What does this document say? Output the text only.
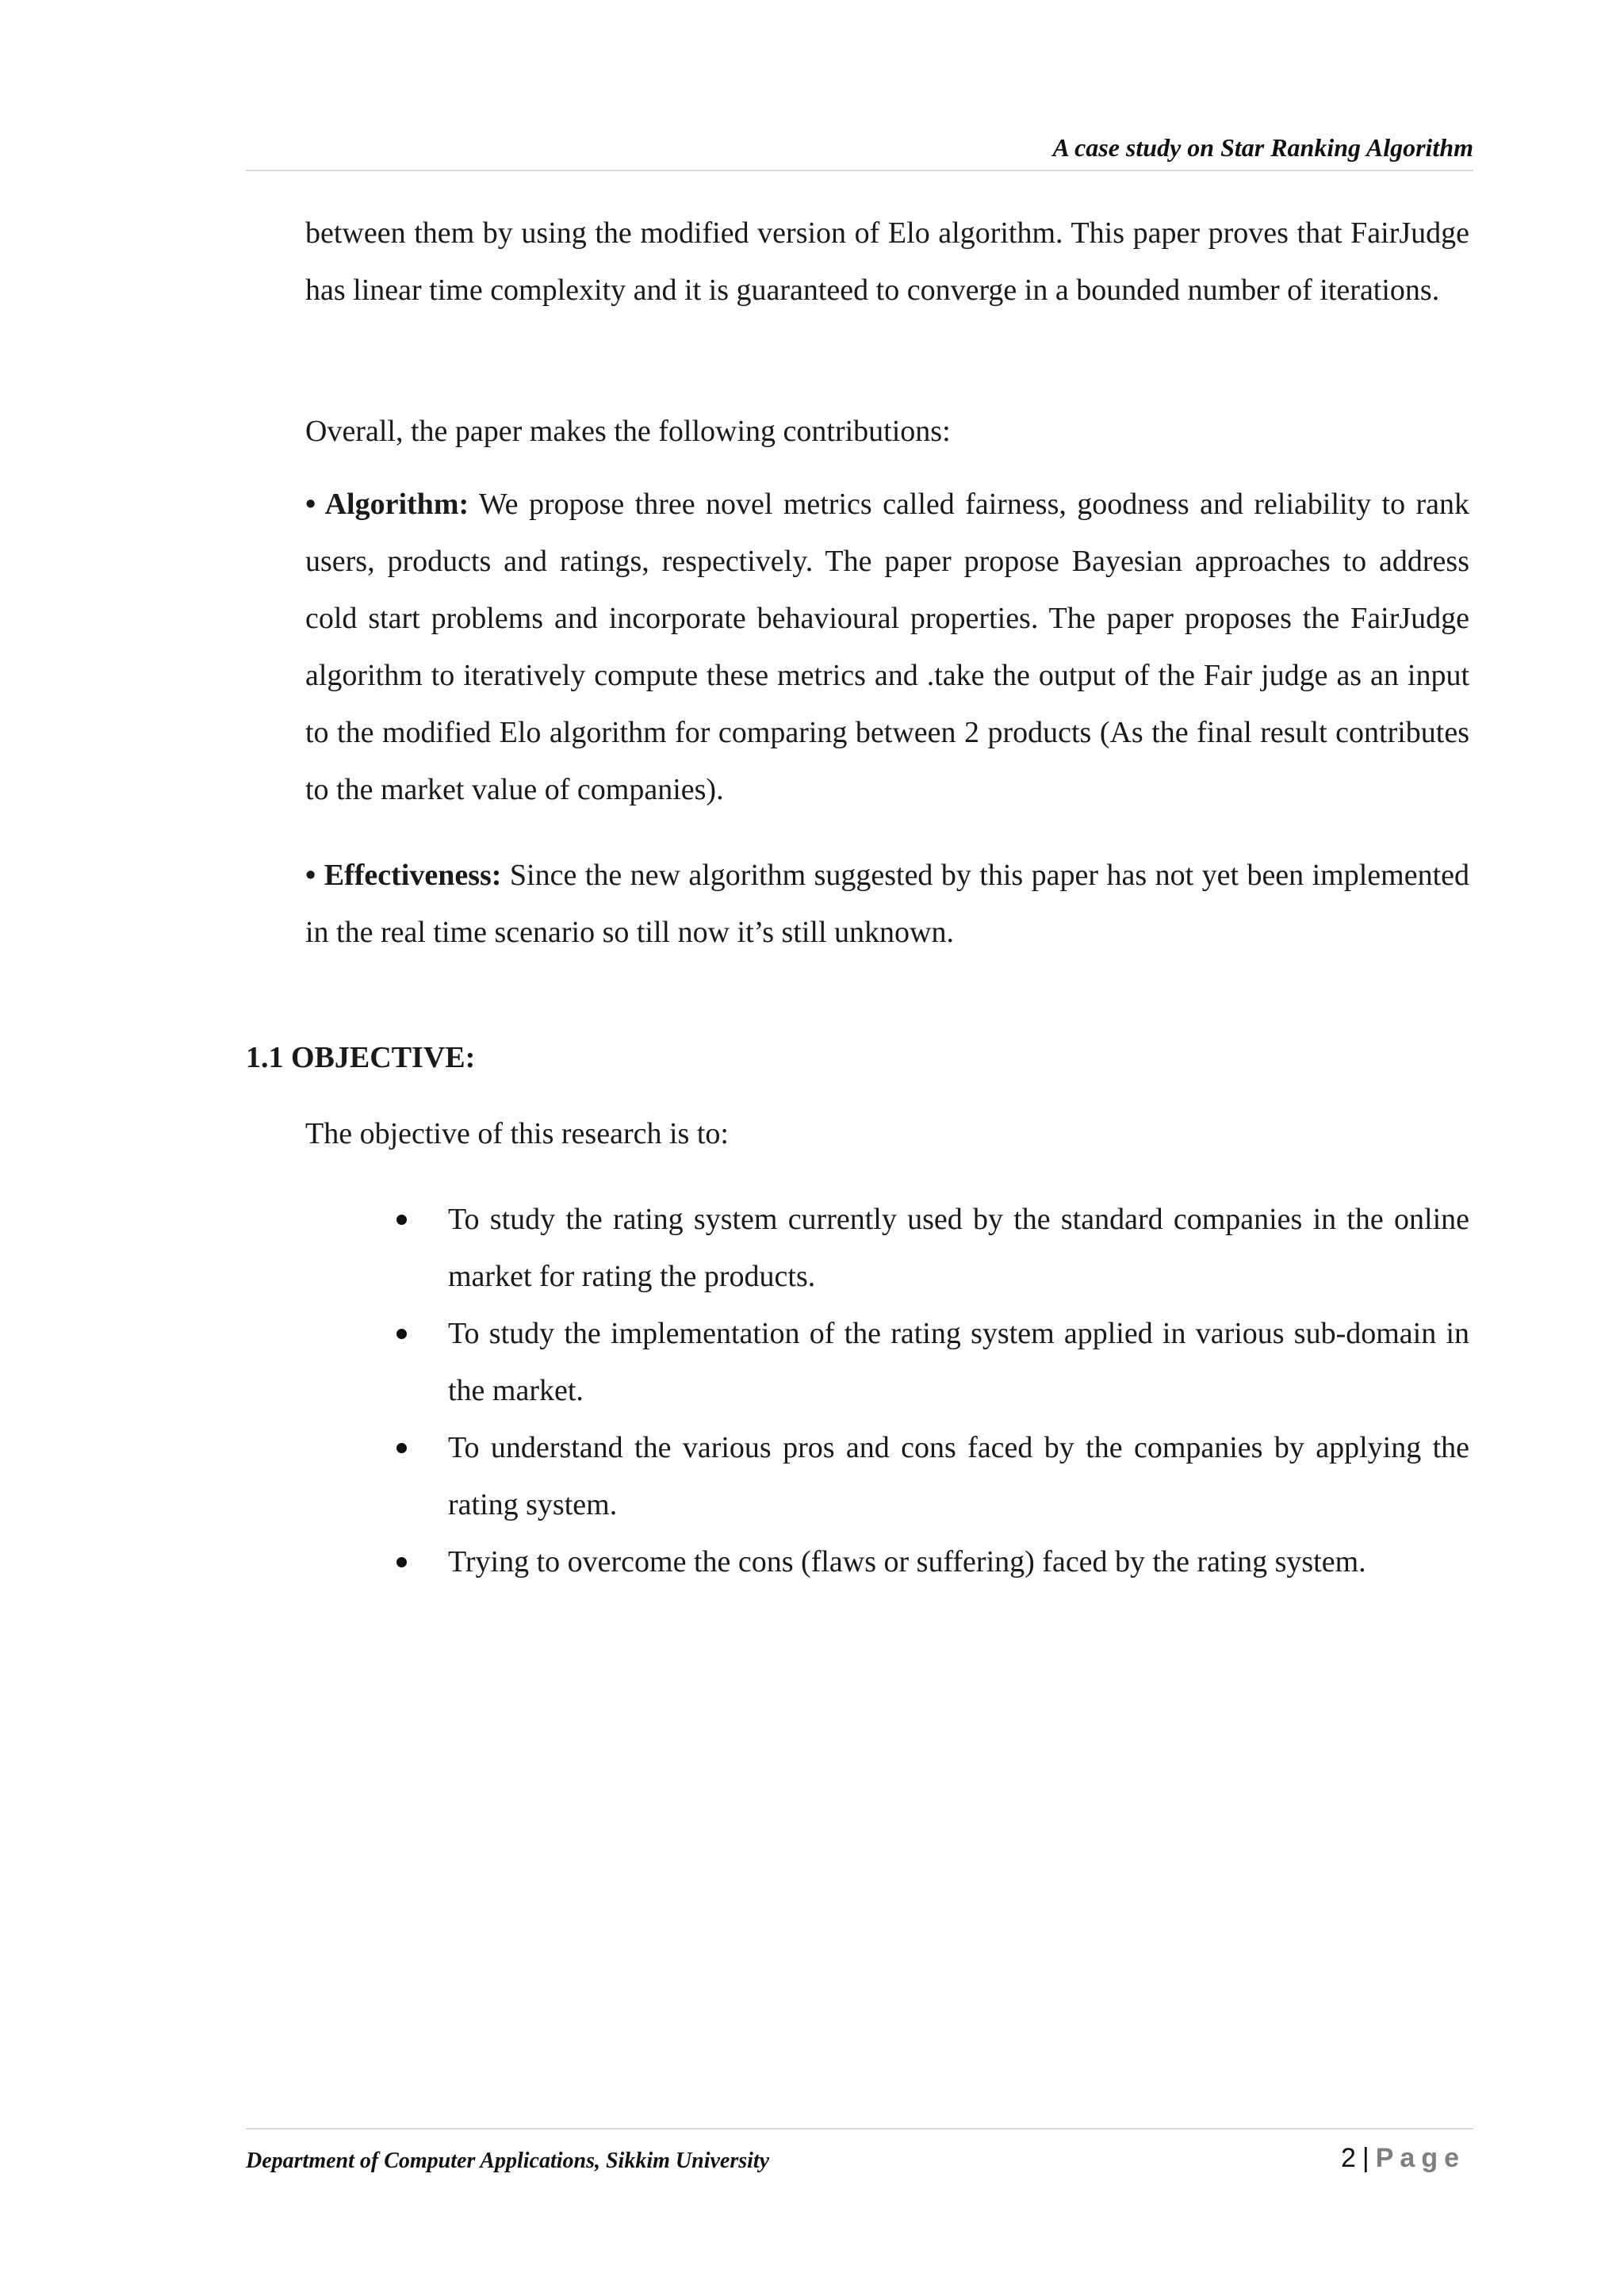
A case study on Star Ranking Algorithm

between them by using the modified version of Elo algorithm. This paper proves that FairJudge has linear time complexity and it is guaranteed to converge in a bounded number of iterations.

Overall, the paper makes the following contributions:

• Algorithm: We propose three novel metrics called fairness, goodness and reliability to rank users, products and ratings, respectively. The paper propose Bayesian approaches to address cold start problems and incorporate behavioural properties. The paper proposes the FairJudge algorithm to iteratively compute these metrics and .take the output of the Fair judge as an input to the modified Elo algorithm for comparing between 2 products (As the final result contributes to the market value of companies).

• Effectiveness: Since the new algorithm suggested by this paper has not yet been implemented in the real time scenario so till now it’s still unknown.

1.1 OBJECTIVE:
The objective of this research is to:
To study the rating system currently used by the standard companies in the online market for rating the products.
To study the implementation of the rating system applied in various sub-domain in the market.
To understand the various pros and cons faced by the companies by applying the rating system.
Trying to overcome the cons (flaws or suffering) faced by the rating system.
Department of Computer Applications, Sikkim University	2 | Page
